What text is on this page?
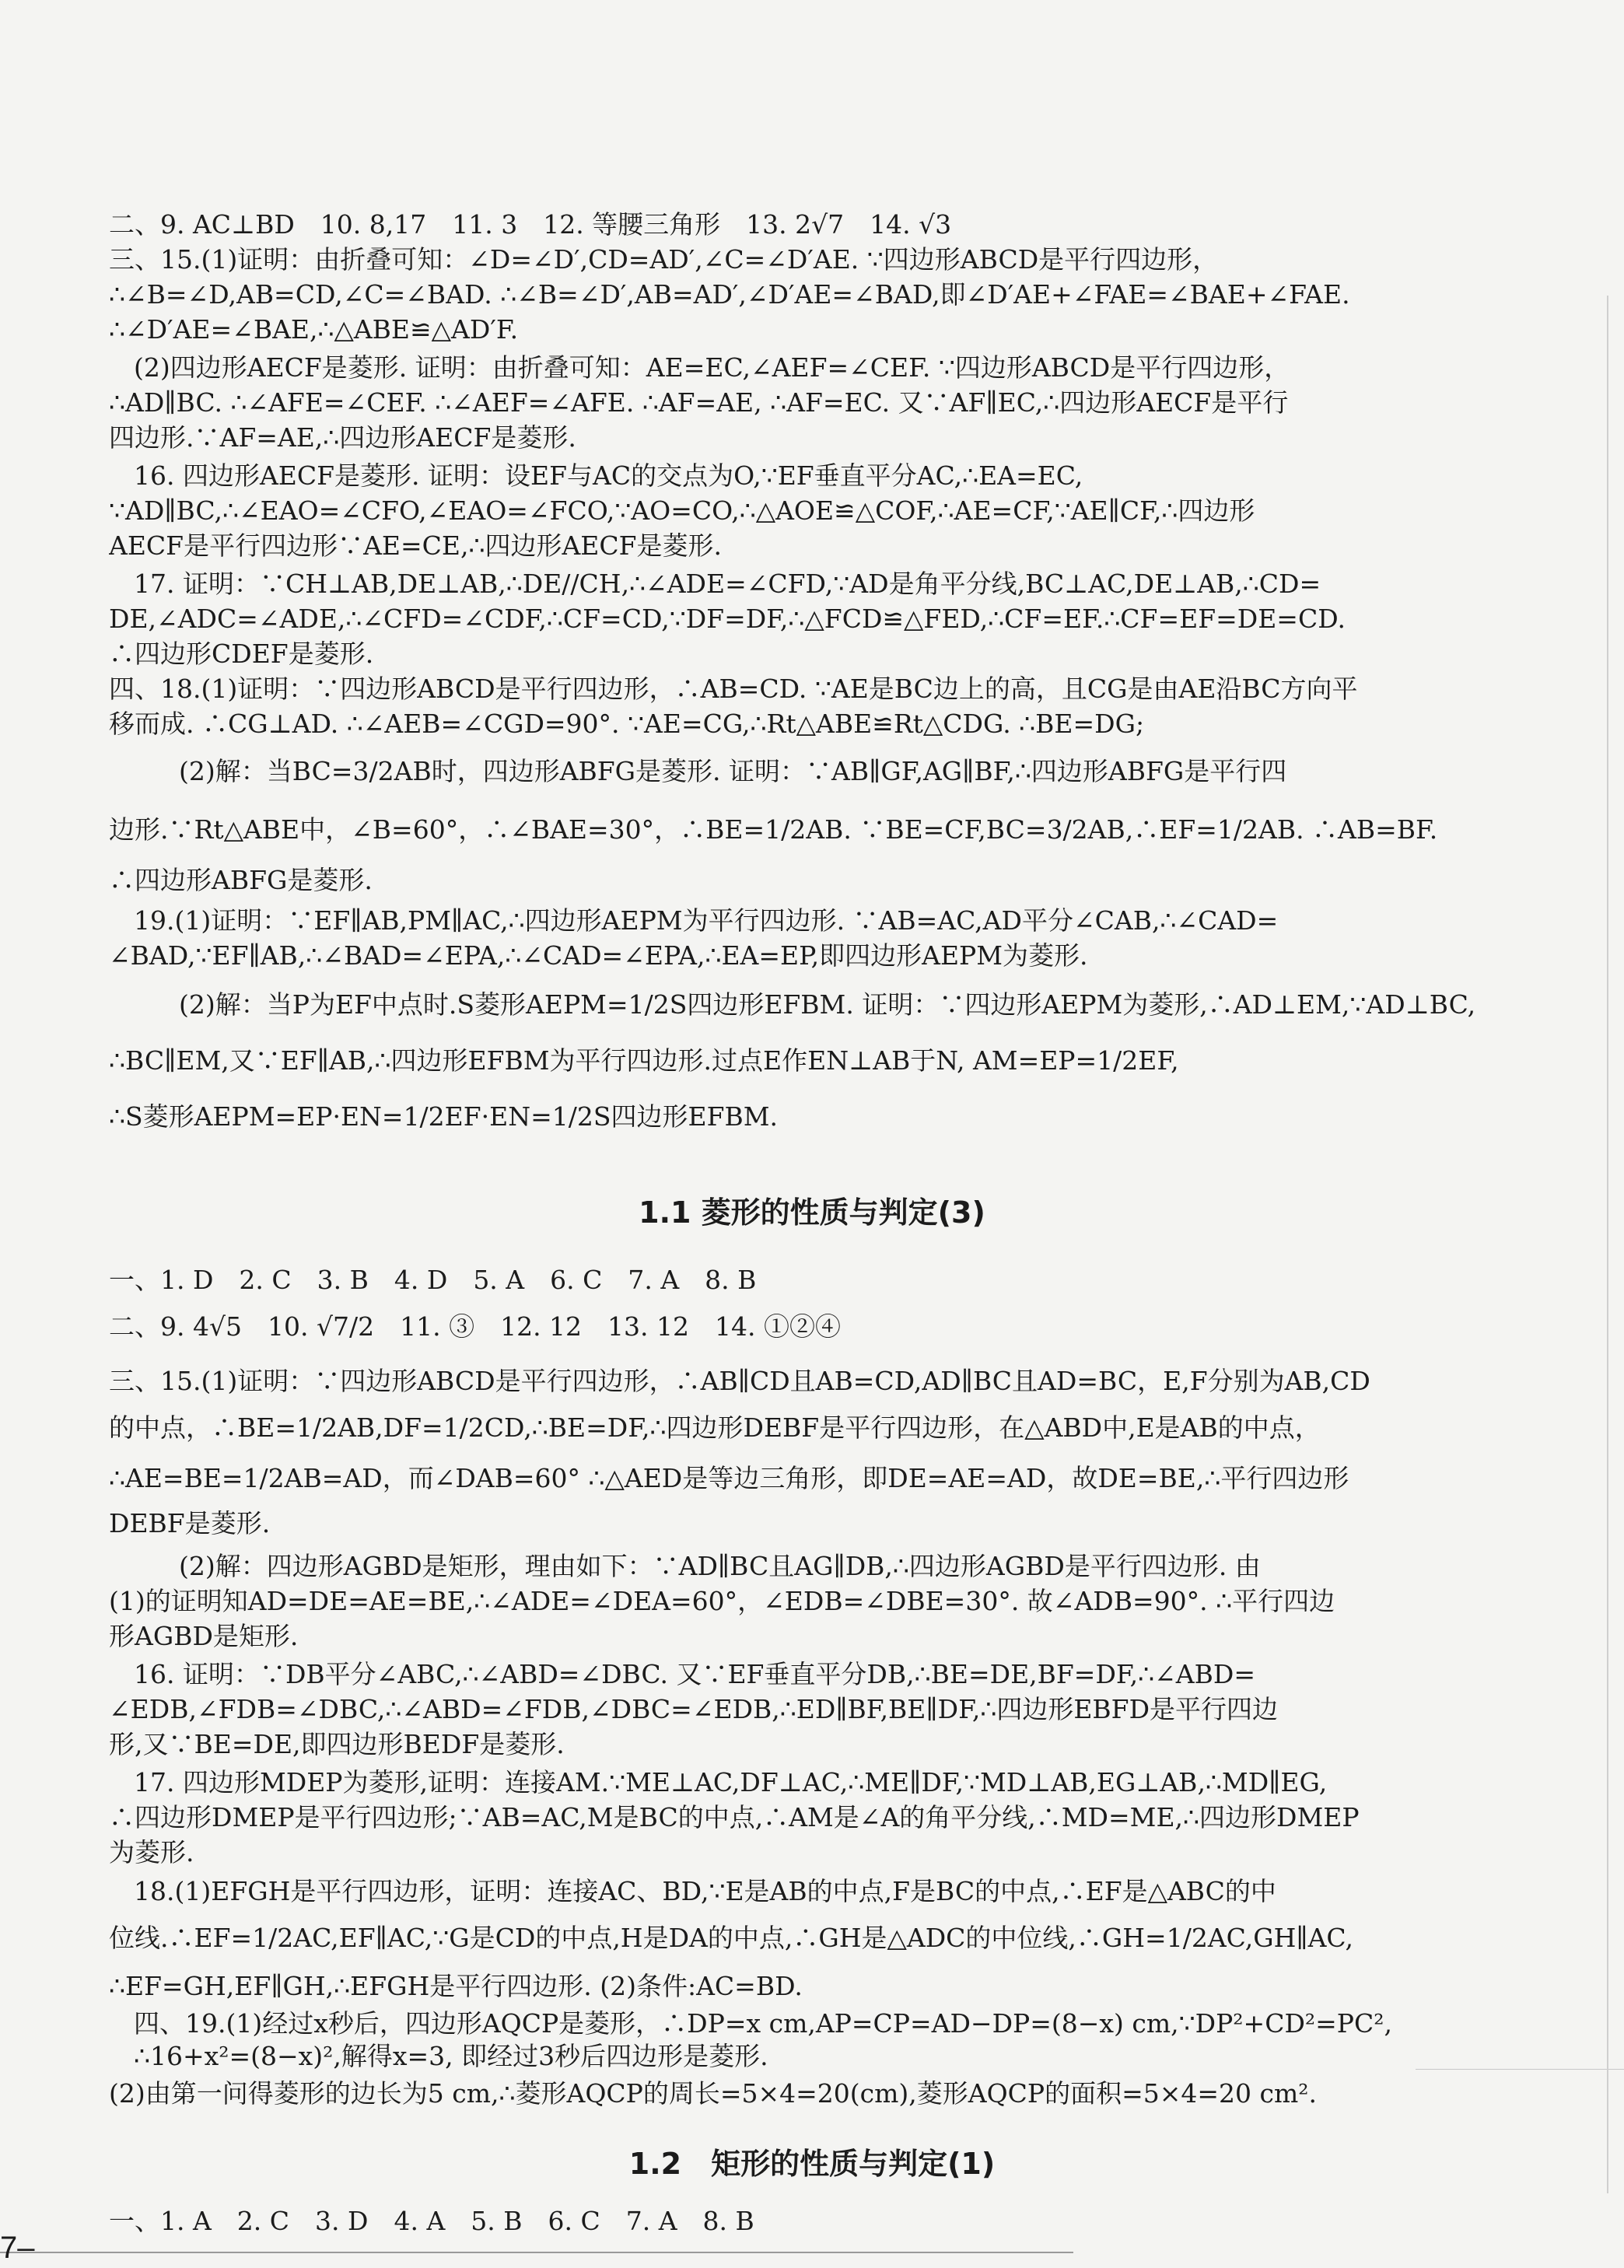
二、9. AC⊥BD　10. 8,17　11. 3　12. 等腰三角形　13. 2√7　14. √3
三、15.(1)证明：由折叠可知：∠D=∠D′,CD=AD′,∠C=∠D′AE. ∵四边形ABCD是平行四边形，
∴∠B=∠D,AB=CD,∠C=∠BAD. ∴∠B=∠D′,AB=AD′,∠D′AE=∠BAD,即∠D′AE+∠FAE=∠BAE+∠FAE.
∴∠D′AE=∠BAE,∴△ABE≌△AD′F.
(2)四边形AECF是菱形. 证明：由折叠可知：AE=EC,∠AEF=∠CEF. ∵四边形ABCD是平行四边形，
∴AD∥BC. ∴∠AFE=∠CEF. ∴∠AEF=∠AFE. ∴AF=AE, ∴AF=EC. 又∵AF∥EC,∴四边形AECF是平行
四边形.∵AF=AE,∴四边形AECF是菱形.
16. 四边形AECF是菱形. 证明：设EF与AC的交点为O,∵EF垂直平分AC,∴EA=EC,
∵AD∥BC,∴∠EAO=∠CFO,∠EAO=∠FCO,∵AO=CO,∴△AOE≌△COF,∴AE=CF,∵AE∥CF,∴四边形
AECF是平行四边形∵AE=CE,∴四边形AECF是菱形.
17. 证明：∵CH⊥AB,DE⊥AB,∴DE//CH,∴∠ADE=∠CFD,∵AD是角平分线,BC⊥AC,DE⊥AB,∴CD=
DE,∠ADC=∠ADE,∴∠CFD=∠CDF,∴CF=CD,∵DF=DF,∴△FCD≌△FED,∴CF=EF.∴CF=EF=DE=CD.
∴四边形CDEF是菱形.
四、18.(1)证明：∵四边形ABCD是平行四边形，∴AB=CD. ∵AE是BC边上的高，且CG是由AE沿BC方向平
移而成. ∴CG⊥AD. ∴∠AEB=∠CGD=90°. ∵AE=CG,∴Rt△ABE≌Rt△CDG. ∴BE=DG;
(2)解：当BC=3/2AB时，四边形ABFG是菱形. 证明：∵AB∥GF,AG∥BF,∴四边形ABFG是平行四
边形.∵Rt△ABE中，∠B=60°，∴∠BAE=30°，∴BE=1/2AB. ∵BE=CF,BC=3/2AB,∴EF=1/2AB. ∴AB=BF.
∴四边形ABFG是菱形.
19.(1)证明：∵EF∥AB,PM∥AC,∴四边形AEPM为平行四边形. ∵AB=AC,AD平分∠CAB,∴∠CAD=
∠BAD,∵EF∥AB,∴∠BAD=∠EPA,∴∠CAD=∠EPA,∴EA=EP,即四边形AEPM为菱形.
(2)解：当P为EF中点时.S菱形AEPM=1/2S四边形EFBM. 证明：∵四边形AEPM为菱形,∴AD⊥EM,∵AD⊥BC,
∴BC∥EM,又∵EF∥AB,∴四边形EFBM为平行四边形.过点E作EN⊥AB于N, AM=EP=1/2EF,
∴S菱形AEPM=EP·EN=1/2EF·EN=1/2S四边形EFBM.
1.1 菱形的性质与判定(3)
一、1. D　2. C　3. B　4. D　5. A　6. C　7. A　8. B
二、9. 4√5　10. √7/2　11. ③　12. 12　13. 12　14. ①②④
三、15.(1)证明：∵四边形ABCD是平行四边形，∴AB∥CD且AB=CD,AD∥BC且AD=BC，E,F分别为AB,CD
的中点，∴BE=1/2AB,DF=1/2CD,∴BE=DF,∴四边形DEBF是平行四边形，在△ABD中,E是AB的中点，
∴AE=BE=1/2AB=AD，而∠DAB=60° ∴△AED是等边三角形，即DE=AE=AD，故DE=BE,∴平行四边形
DEBF是菱形.
(2)解：四边形AGBD是矩形，理由如下：∵AD∥BC且AG∥DB,∴四边形AGBD是平行四边形. 由
(1)的证明知AD=DE=AE=BE,∴∠ADE=∠DEA=60°，∠EDB=∠DBE=30°. 故∠ADB=90°. ∴平行四边
形AGBD是矩形.
16. 证明：∵DB平分∠ABC,∴∠ABD=∠DBC. 又∵EF垂直平分DB,∴BE=DE,BF=DF,∴∠ABD=
∠EDB,∠FDB=∠DBC,∴∠ABD=∠FDB,∠DBC=∠EDB,∴ED∥BF,BE∥DF,∴四边形EBFD是平行四边
形,又∵BE=DE,即四边形BEDF是菱形.
17. 四边形MDEP为菱形,证明：连接AM.∵ME⊥AC,DF⊥AC,∴ME∥DF,∵MD⊥AB,EG⊥AB,∴MD∥EG,
∴四边形DMEP是平行四边形;∵AB=AC,M是BC的中点,∴AM是∠A的角平分线,∴MD=ME,∴四边形DMEP
为菱形.
18.(1)EFGH是平行四边形，证明：连接AC、BD,∵E是AB的中点,F是BC的中点,∴EF是△ABC的中
位线.∴EF=1/2AC,EF∥AC,∵G是CD的中点,H是DA的中点,∴GH是△ADC的中位线,∴GH=1/2AC,GH∥AC,
∴EF=GH,EF∥GH,∴EFGH是平行四边形. (2)条件:AC=BD.
四、19.(1)经过x秒后，四边形AQCP是菱形，∴DP=x cm,AP=CP=AD−DP=(8−x) cm,∵DP²+CD²=PC²,
∴16+x²=(8−x)²,解得x=3, 即经过3秒后四边形是菱形.
(2)由第一问得菱形的边长为5 cm,∴菱形AQCP的周长=5×4=20(cm),菱形AQCP的面积=5×4=20 cm².
1.2　矩形的性质与判定(1)
一、1. A　2. C　3. D　4. A　5. B　6. C　7. A　8. B
7–
